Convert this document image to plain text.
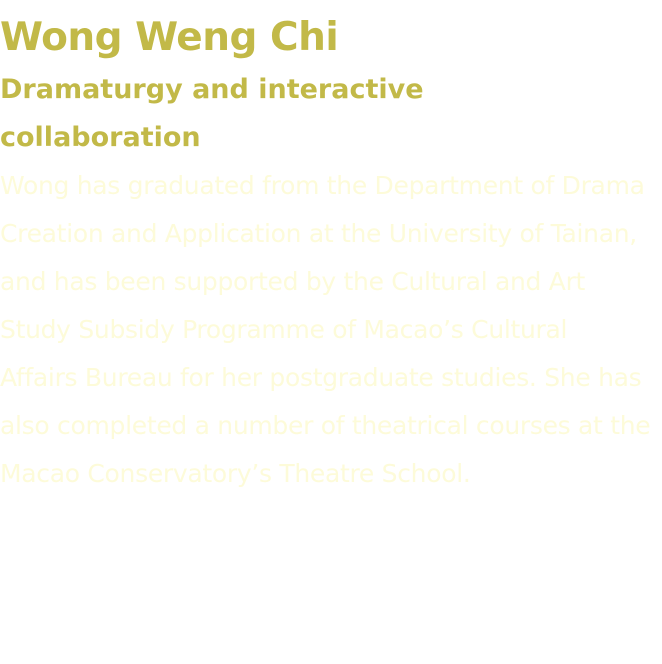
Wong Weng Chi
Dramaturgy and interactive collaboration

Wong has graduated from the Department of Drama Creation and Application at the University of Tainan, and has been supported by the Cultural and Art Study Subsidy Programme of Macao’s Cultural Affairs Bureau for her postgraduate studies. She has also completed a number of theatrical courses at the Macao Conservatory’s Theatre School.
